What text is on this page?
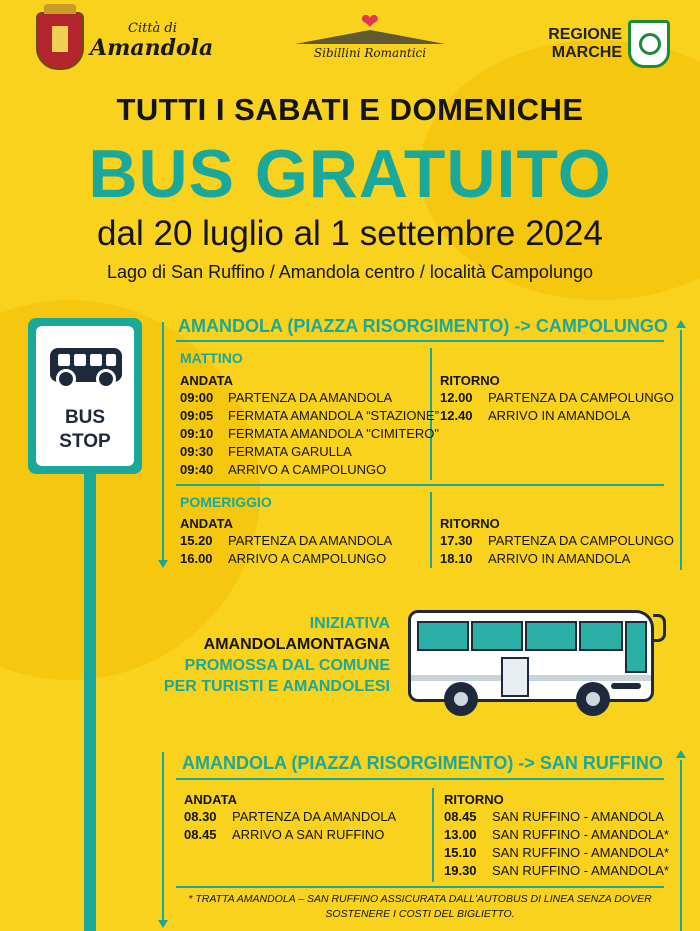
Città di
Amandola
❤
Sibillini Romantici
REGIONE
MARCHE
TUTTI I SABATI E DOMENICHE
BUS GRATUITO
dal 20 luglio al 1 settembre 2024
Lago di San Ruffino / Amandola centro / località Campolungo
BUS
STOP
AMANDOLA (PIAZZA RISORGIMENTO) -> CAMPOLUNGO
MATTINO
ANDATA
09:00	PARTENZA DA AMANDOLA
09:05	FERMATA AMANDOLA “STAZIONE”
09:10	FERMATA AMANDOLA "CIMITERO"
09:30	FERMATA GARULLA
09:40	ARRIVO A CAMPOLUNGO
RITORNO
12.00	PARTENZA DA CAMPOLUNGO
12.40	ARRIVO IN AMANDOLA
POMERIGGIO
ANDATA
15.20	PARTENZA DA AMANDOLA
16.00	ARRIVO A CAMPOLUNGO
RITORNO
17.30	PARTENZA DA CAMPOLUNGO
18.10	ARRIVO IN AMANDOLA
INIZIATIVA
AMANDOLAMONTAGNA
PROMOSSA DAL COMUNE
PER TURISTI E AMANDOLESI
AMANDOLA (PIAZZA RISORGIMENTO) -> SAN RUFFINO
ANDATA
08.30	PARTENZA DA AMANDOLA
08.45	ARRIVO A SAN RUFFINO
RITORNO
08.45	SAN RUFFINO - AMANDOLA
13.00	SAN RUFFINO - AMANDOLA*
15.10	SAN RUFFINO - AMANDOLA*
19.30	SAN RUFFINO - AMANDOLA*
* TRATTA AMANDOLA – SAN RUFFINO ASSICURATA DALL'AUTOBUS DI LINEA SENZA DOVER
SOSTENERE I COSTI DEL BIGLIETTO.
